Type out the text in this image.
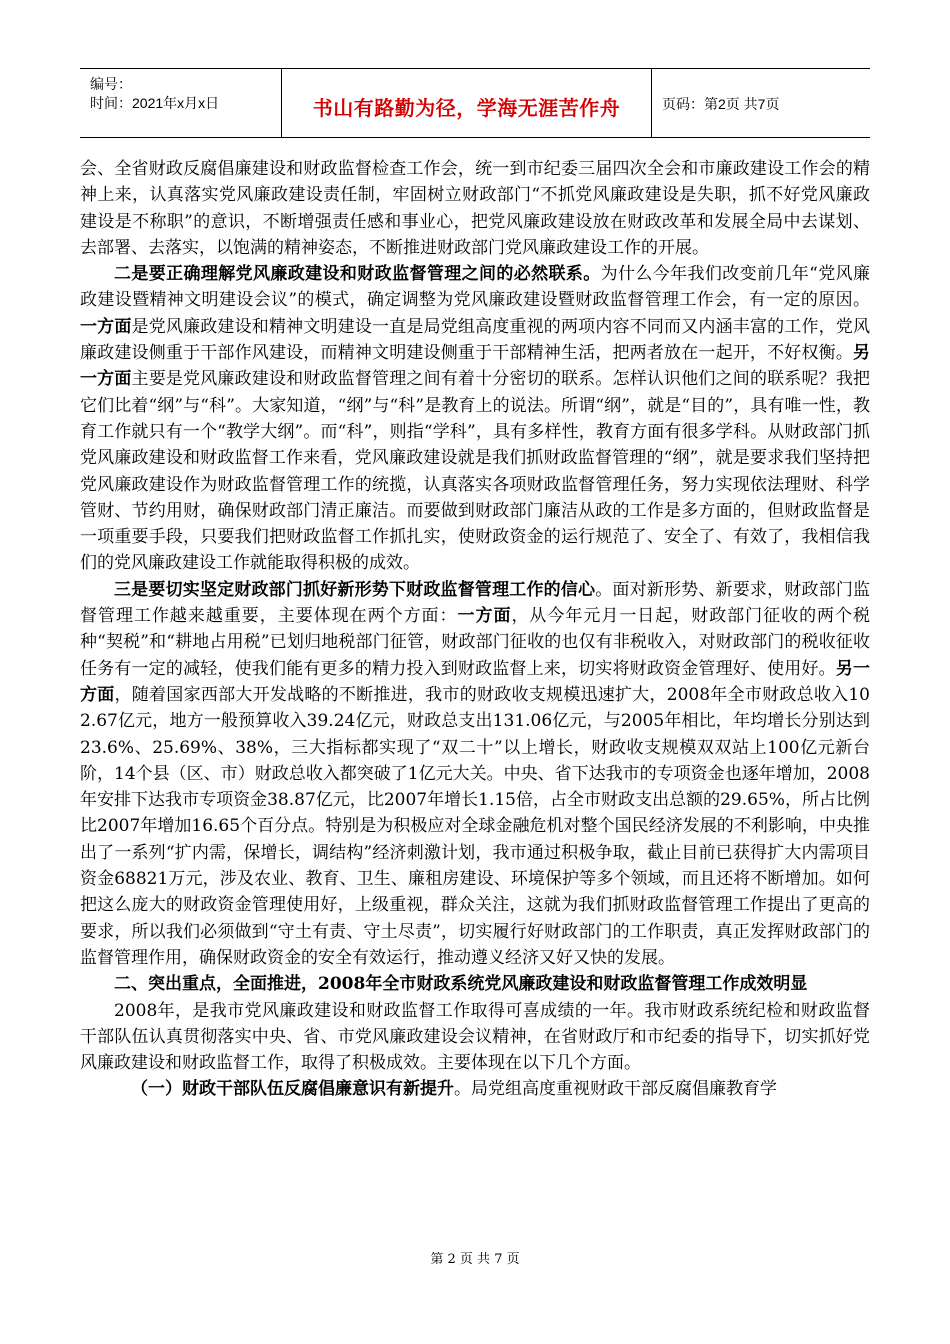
编号：
时间：2021年x月x日	书山有路勤为径，学海无涯苦作舟	页码：第2页 共7页

会、全省财政反腐倡廉建设和财政监督检查工作会，统一到市纪委三届四次全会和市廉政建设工作会的精神上来，认真落实党风廉政建设责任制，牢固树立财政部门“不抓党风廉政建设是失职，抓不好党风廉政建设是不称职”的意识，不断增强责任感和事业心，把党风廉政建设放在财政改革和发展全局中去谋划、去部署、去落实，以饱满的精神姿态，不断推进财政部门党风廉政建设工作的开展。

二是要正确理解党风廉政建设和财政监督管理之间的必然联系。为什么今年我们改变前几年“党风廉政建设暨精神文明建设会议”的模式，确定调整为党风廉政建设暨财政监督管理工作会，有一定的原因。一方面是党风廉政建设和精神文明建设一直是局党组高度重视的两项内容不同而又内涵丰富的工作，党风廉政建设侧重于干部作风建设，而精神文明建设侧重于干部精神生活，把两者放在一起开，不好权衡。另一方面主要是党风廉政建设和财政监督管理之间有着十分密切的联系。怎样认识他们之间的联系呢？我把它们比着“纲”与“科”。大家知道，“纲”与“科”是教育上的说法。所谓“纲”，就是“目的”，具有唯一性，教育工作就只有一个“教学大纲”。而“科”，则指“学科”，具有多样性，教育方面有很多学科。从财政部门抓党风廉政建设和财政监督工作来看，党风廉政建设就是我们抓财政监督管理的“纲”，就是要求我们坚持把党风廉政建设作为财政监督管理工作的统揽，认真落实各项财政监督管理任务，努力实现依法理财、科学管财、节约用财，确保财政部门清正廉洁。而要做到财政部门廉洁从政的工作是多方面的，但财政监督是一项重要手段，只要我们把财政监督工作抓扎实，使财政资金的运行规范了、安全了、有效了，我相信我们的党风廉政建设工作就能取得积极的成效。

三是要切实坚定财政部门抓好新形势下财政监督管理工作的信心。面对新形势、新要求，财政部门监督管理工作越来越重要，主要体现在两个方面：一方面，从今年元月一日起，财政部门征收的两个税种“契税”和“耕地占用税”已划归地税部门征管，财政部门征收的也仅有非税收入，对财政部门的税收征收任务有一定的减轻，使我们能有更多的精力投入到财政监督上来，切实将财政资金管理好、使用好。另一方面，随着国家西部大开发战略的不断推进，我市的财政收支规模迅速扩大，2008年全市财政总收入102.67亿元，地方一般预算收入39.24亿元，财政总支出131.06亿元，与2005年相比，年均增长分别达到23.6%、25.69%、38%，三大指标都实现了“双二十”以上增长，财政收支规模双双站上100亿元新台阶，14个县（区、市）财政总收入都突破了1亿元大关。中央、省下达我市的专项资金也逐年增加，2008年安排下达我市专项资金38.87亿元，比2007年增长1.15倍，占全市财政支出总额的29.65%，所占比例比2007年增加16.65个百分点。特别是为积极应对全球金融危机对整个国民经济发展的不利影响，中央推出了一系列“扩内需，保增长，调结构”经济刺激计划，我市通过积极争取，截止目前已获得扩大内需项目资金68821万元，涉及农业、教育、卫生、廉租房建设、环境保护等多个领域，而且还将不断增加。如何把这么庞大的财政资金管理使用好，上级重视，群众关注，这就为我们抓财政监督管理工作提出了更高的要求，所以我们必须做到“守土有责、守土尽责”，切实履行好财政部门的工作职责，真正发挥财政部门的监督管理作用，确保财政资金的安全有效运行，推动遵义经济又好又快的发展。

二、突出重点，全面推进，2008年全市财政系统党风廉政建设和财政监督管理工作成效明显

2008年，是我市党风廉政建设和财政监督工作取得可喜成绩的一年。我市财政系统纪检和财政监督干部队伍认真贯彻落实中央、省、市党风廉政建设会议精神，在省财政厅和市纪委的指导下，切实抓好党风廉政建设和财政监督工作，取得了积极成效。主要体现在以下几个方面。

（一）财政干部队伍反腐倡廉意识有新提升。局党组高度重视财政干部反腐倡廉教育学

第 2 页 共 7 页
